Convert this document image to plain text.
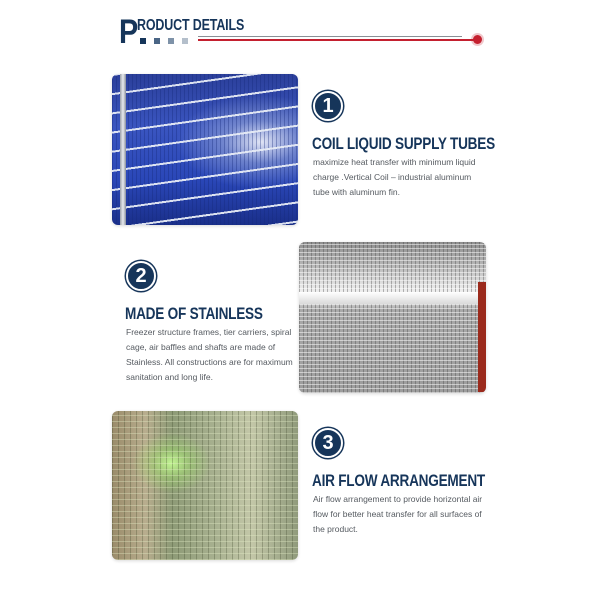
P RODUCT DETAILS
1
COIL LIQUID SUPPLY TUBES
maximize heat transfer with minimum liquid charge .Vertical Coil – industrial aluminum tube with aluminum fin.
2
MADE OF STAINLESS
Freezer structure frames, tier carriers, spiral cage, air baffles and shafts are made of Stainless. All constructions are for maximum sanitation and long life.
3
AIR FLOW ARRANGEMENT
Air flow arrangement to provide horizontal air flow for better heat transfer for all surfaces of the product.
